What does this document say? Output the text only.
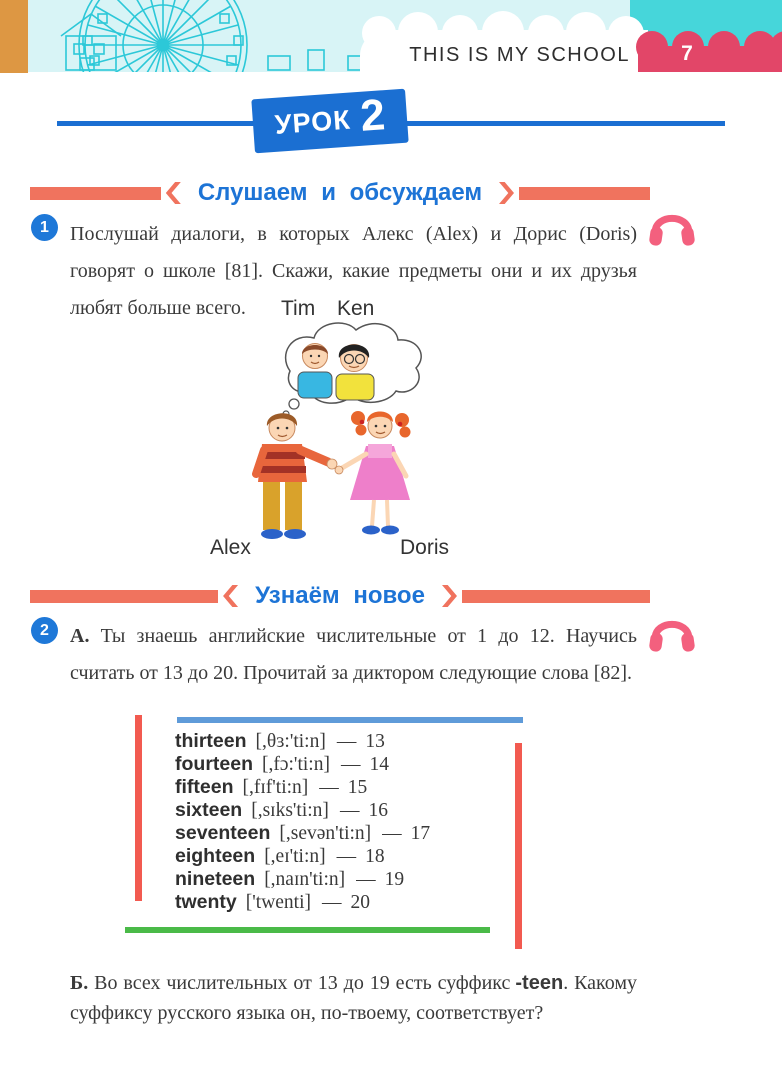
THIS IS MY SCHOOL	7
УРОК 2
Слушаем и обсуждаем
1	Послушай диалоги, в которых Алекс (Alex) и Дорис (Doris) говорят о школе [81]. Скажи, какие предметы они и их друзья любят больше всего.	Tim Ken
Alex	Doris
Узнаём новое
2	А. Ты знаешь английские числительные от 1 до 12. Научись считать от 13 до 20. Прочитай за диктором следующие слова [82].

thirteen [,θɜ:'ti:n] — 13
fourteen [,fɔ:'ti:n] — 14
fifteen [,fɪf'ti:n] — 15
sixteen [,sɪks'ti:n] — 16
seventeen [,sevən'ti:n] — 17
eighteen [,eɪ'ti:n] — 18
nineteen [,naɪn'ti:n] — 19
twenty ['twenti] — 20

Б. Во всех числительных от 13 до 19 есть суффикс -teen. Какому суффиксу русского языка он, по-твоему, соответствует?
